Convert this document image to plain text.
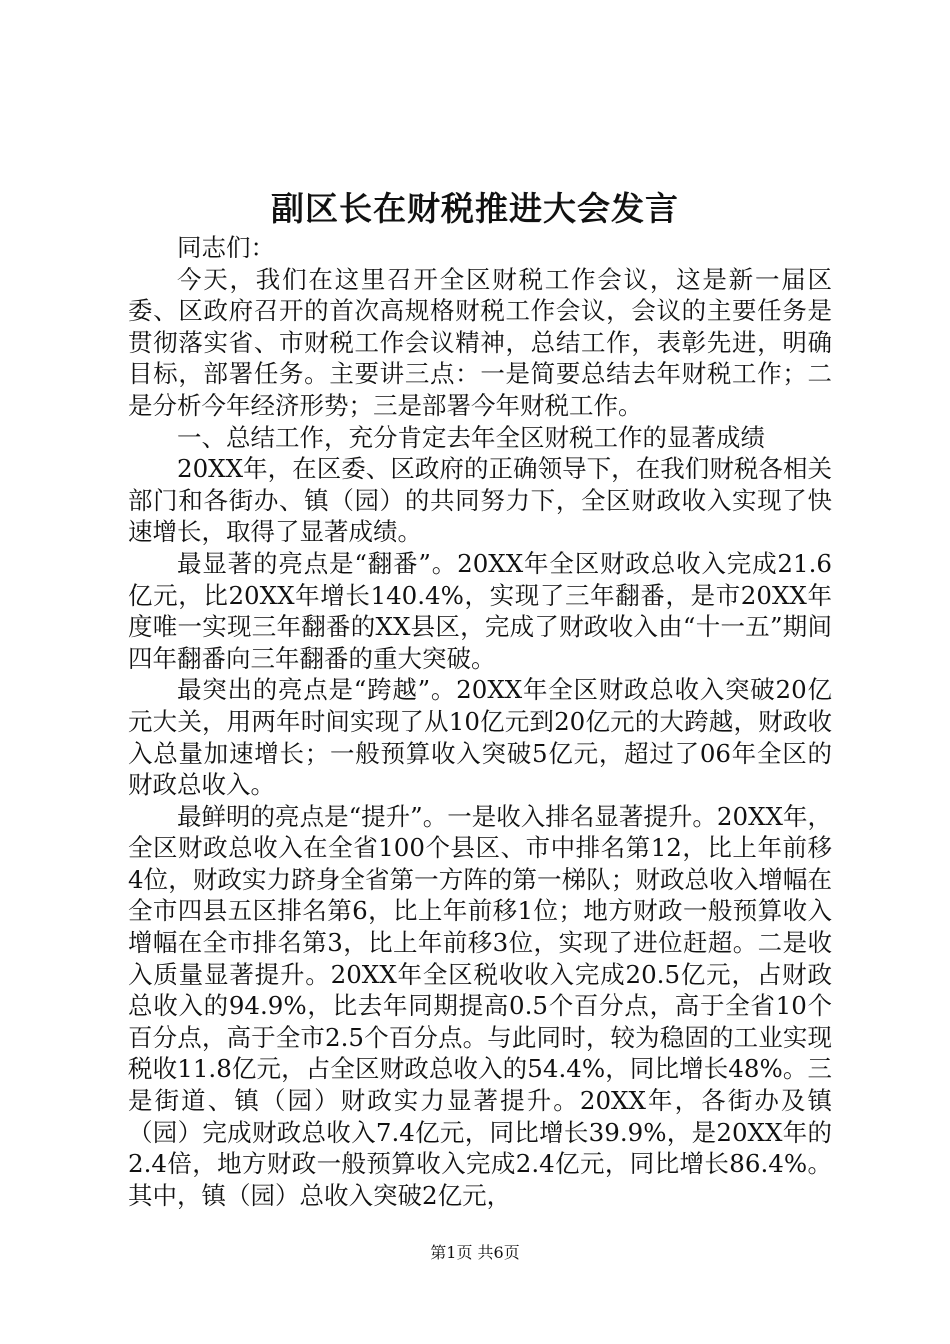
副区长在财税推进大会发言

同志们：

今天，我们在这里召开全区财税工作会议，这是新一届区委、区政府召开的首次高规格财税工作会议，会议的主要任务是贯彻落实省、市财税工作会议精神，总结工作，表彰先进，明确目标，部署任务。主要讲三点：一是简要总结去年财税工作；二是分析今年经济形势；三是部署今年财税工作。

一、总结工作，充分肯定去年全区财税工作的显著成绩

20XX年，在区委、区政府的正确领导下，在我们财税各相关部门和各街办、镇（园）的共同努力下，全区财政收入实现了快速增长，取得了显著成绩。

最显著的亮点是“翻番”。20XX年全区财政总收入完成21.6亿元，比20XX年增长140.4%，实现了三年翻番，是市20XX年度唯一实现三年翻番的XX县区，完成了财政收入由“十一五”期间四年翻番向三年翻番的重大突破。

最突出的亮点是“跨越”。20XX年全区财政总收入突破20亿元大关，用两年时间实现了从10亿元到20亿元的大跨越，财政收入总量加速增长；一般预算收入突破5亿元，超过了06年全区的财政总收入。

最鲜明的亮点是“提升”。一是收入排名显著提升。20XX年，全区财政总收入在全省100个县区、市中排名第12，比上年前移4位，财政实力跻身全省第一方阵的第一梯队；财政总收入增幅在全市四县五区排名第6，比上年前移1位；地方财政一般预算收入增幅在全市排名第3，比上年前移3位，实现了进位赶超。二是收入质量显著提升。20XX年全区税收收入完成20.5亿元，占财政总收入的94.9%，比去年同期提高0.5个百分点，高于全省10个百分点，高于全市2.5个百分点。与此同时，较为稳固的工业实现税收11.8亿元，占全区财政总收入的54.4%，同比增长48%。三是街道、镇（园）财政实力显著提升。20XX年，各街办及镇（园）完成财政总收入7.4亿元，同比增长39.9%，是20XX年的2.4倍，地方财政一般预算收入完成2.4亿元，同比增长86.4%。其中，镇（园）总收入突破2亿元，

第1页 共6页
